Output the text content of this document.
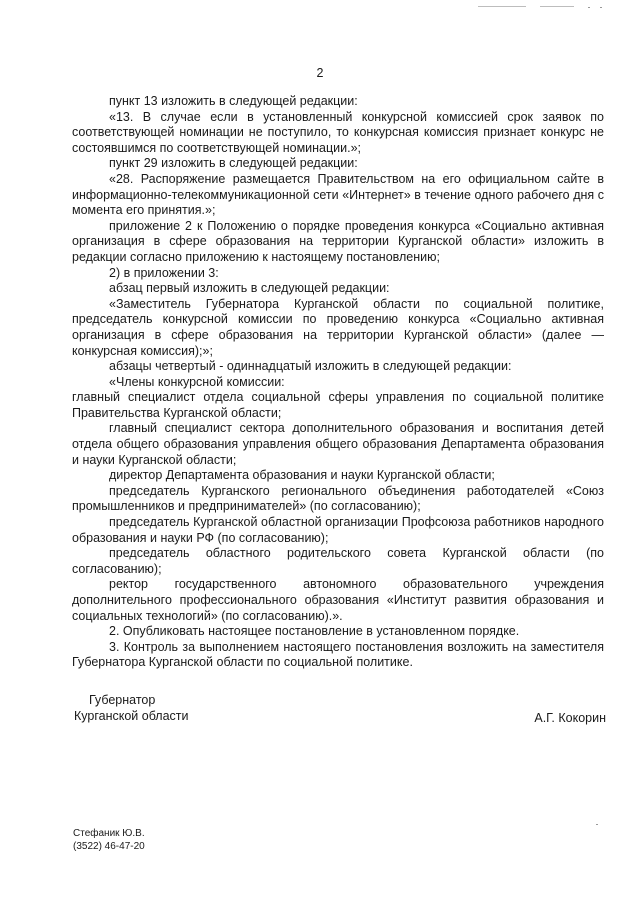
2

пункт 13 изложить в следующей редакции:

«13. В случае если в установленный конкурсной комиссией срок заявок по соответствующей номинации не поступило, то конкурсная комиссия признает конкурс не состоявшимся по соответствующей номинации.»;

пункт 29 изложить в следующей редакции:

«28. Распоряжение размещается Правительством на его официальном сайте в информационно-телекоммуникационной сети «Интернет» в течение одного рабочего дня с момента его принятия.»;

приложение 2 к Положению о порядке проведения конкурса «Социально активная организация в сфере образования на территории Курганской области» изложить в редакции согласно приложению к настоящему постановлению;

2) в приложении 3:

абзац первый изложить в следующей редакции:

«Заместитель Губернатора Курганской области по социальной политике, председатель конкурсной комиссии по проведению конкурса «Социально активная организация в сфере образования на территории Курганской области» (далее — конкурсная комиссия);»;

абзацы четвертый - одиннадцатый изложить в следующей редакции:

«Члены конкурсной комиссии:

главный специалист отдела социальной сферы управления по социальной политике Правительства Курганской области;

главный специалист сектора дополнительного образования и воспитания детей отдела общего образования управления общего образования Департамента образования и науки Курганской области;

директор Департамента образования и науки Курганской области;

председатель Курганского регионального объединения работодателей «Союз промышленников и предпринимателей» (по согласованию);

председатель Курганской областной организации Профсоюза работников народного образования и науки РФ (по согласованию);

председатель областного родительского совета Курганской области (по согласованию);

ректор государственного автономного образовательного учреждения дополнительного профессионального образования «Институт развития образования и социальных технологий» (по согласованию).».

2. Опубликовать настоящее постановление в установленном порядке.

3. Контроль за выполнением настоящего постановления возложить на заместителя Губернатора Курганской области по социальной политике.

Губернатор
Курганской области	А.Г. Кокорин
Стефаник Ю.В.
(3522) 46-47-20
